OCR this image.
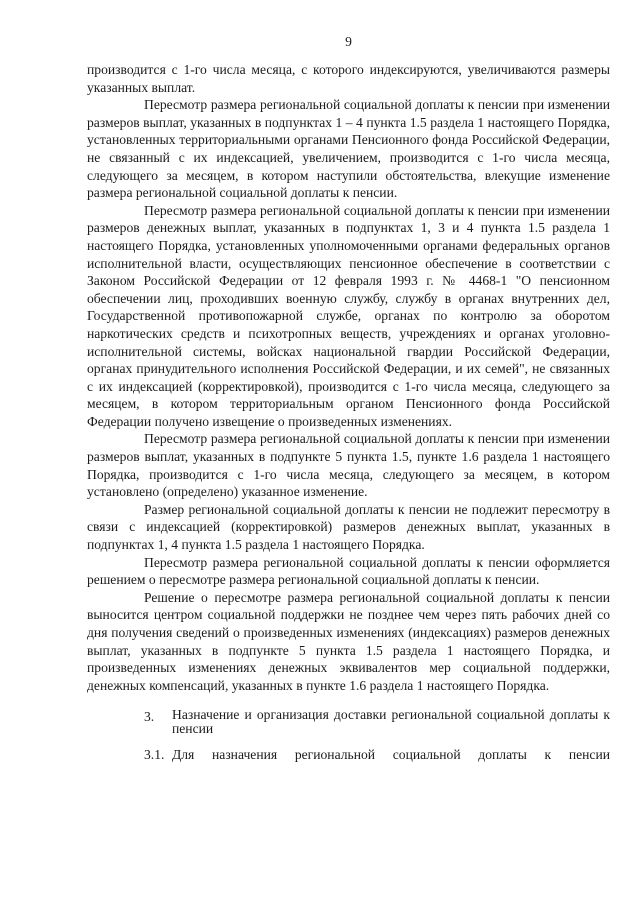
9

производится с 1-го числа месяца, с которого индексируются, увеличиваются размеры указанных выплат.

Пересмотр размера региональной социальной доплаты к пенсии при изменении размеров выплат, указанных в подпунктах 1 – 4 пункта 1.5 раздела 1 настоящего Порядка, установленных территориальными органами Пенсионного фонда Российской Федерации, не связанный с их индексацией, увеличением, производится с 1-го числа месяца, следующего за месяцем, в котором наступили обстоятельства, влекущие изменение размера региональной социальной доплаты к пенсии.

Пересмотр размера региональной социальной доплаты к пенсии при изменении размеров денежных выплат, указанных в подпунктах 1, 3 и 4 пункта 1.5 раздела 1 настоящего Порядка, установленных уполномоченными органами федеральных органов исполнительной власти, осуществляющих пенсионное обеспечение в соответствии с Законом Российской Федерации от 12 февраля 1993 г. № 4468-1 "О пенсионном обеспечении лиц, проходивших военную службу, службу в органах внутренних дел, Государственной противопожарной службе, органах по контролю за оборотом наркотических средств и психотропных веществ, учреждениях и органах уголовно-исполнительной системы, войсках национальной гвардии Российской Федерации, органах принудительного исполнения Российской Федерации, и их семей", не связанных с их индексацией (корректировкой), производится с 1-го числа месяца, следующего за месяцем, в котором территориальным органом Пенсионного фонда Российской Федерации получено извещение о произведенных изменениях.

Пересмотр размера региональной социальной доплаты к пенсии при изменении размеров выплат, указанных в подпункте 5 пункта 1.5, пункте 1.6 раздела 1 настоящего Порядка, производится с 1-го числа месяца, следующего за месяцем, в котором установлено (определено) указанное изменение.

Размер региональной социальной доплаты к пенсии не подлежит пересмотру в связи с индексацией (корректировкой) размеров денежных выплат, указанных в подпунктах 1, 4 пункта 1.5 раздела 1 настоящего Порядка.

Пересмотр размера региональной социальной доплаты к пенсии оформляется решением о пересмотре размера региональной социальной доплаты к пенсии.

Решение о пересмотре размера региональной социальной доплаты к пенсии выносится центром социальной поддержки не позднее чем через пять рабочих дней со дня получения сведений о произведенных изменениях (индексациях) размеров денежных выплат, указанных в подпункте 5 пункта 1.5 раздела 1 настоящего Порядка, и произведенных изменениях денежных эквивалентов мер социальной поддержки, денежных компенсаций, указанных в пункте 1.6 раздела 1 настоящего Порядка.

3.	Назначение и организация доставки региональной социальной доплаты к пенсии
3.1. Для назначения региональной социальной доплаты к пенсии
